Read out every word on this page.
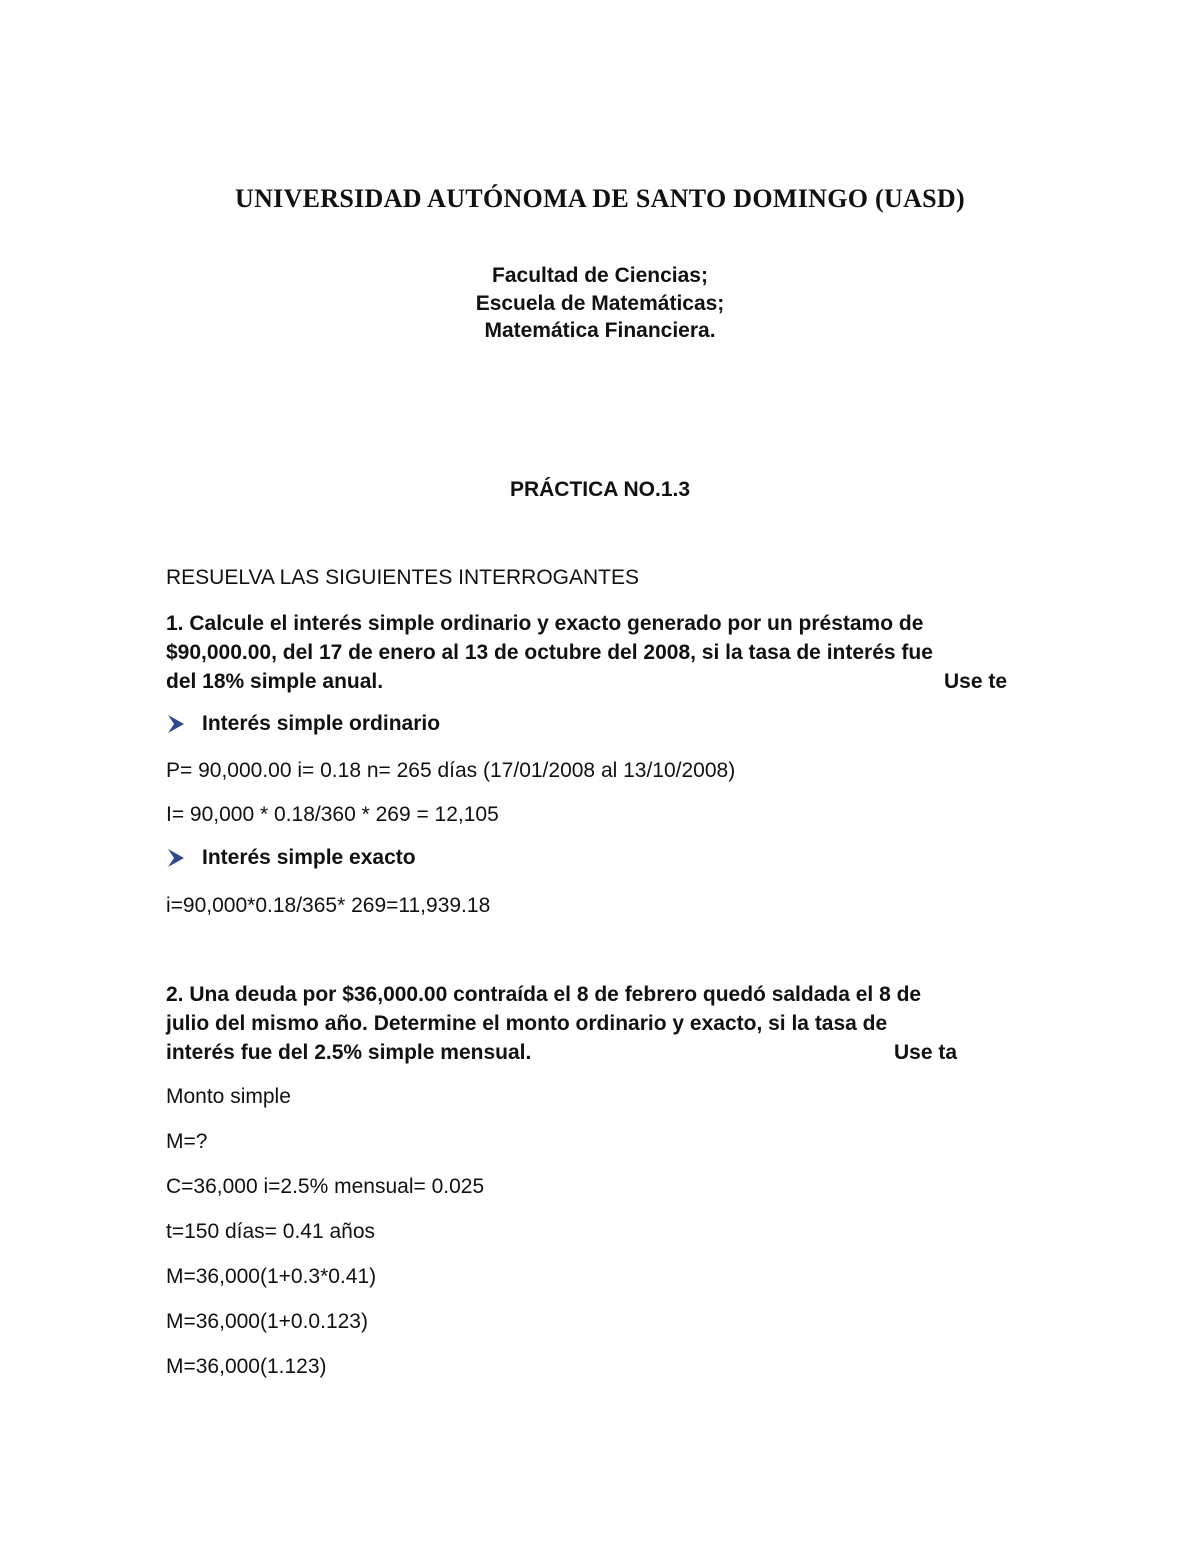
UNIVERSIDAD AUTÓNOMA DE SANTO DOMINGO (UASD)

Facultad de Ciencias;

Escuela de Matemáticas;

Matemática Financiera.

PRÁCTICA NO.1.3

RESUELVA LAS SIGUIENTES INTERROGANTES

1. Calcule el interés simple ordinario y exacto generado por un préstamo de
$90,000.00, del 17 de enero al 13 de octubre del 2008, si la tasa de interés fue
del 18% simple anual.	Use te
Interés simple ordinario

P= 90,000.00 i= 0.18 n= 265 días (17/01/2008 al 13/10/2008)

I= 90,000 * 0.18/360 * 269 = 12,105

Interés simple exacto

i=90,000*0.18/365* 269=11,939.18

2. Una deuda por $36,000.00 contraída el 8 de febrero quedó saldada el 8 de
julio del mismo año. Determine el monto ordinario y exacto, si la tasa de
interés fue del 2.5% simple mensual.	Use ta

Monto simple

M=?

C=36,000 i=2.5% mensual= 0.025

t=150 días= 0.41 años

M=36,000(1+0.3*0.41)

M=36,000(1+0.0.123)

M=36,000(1.123)
